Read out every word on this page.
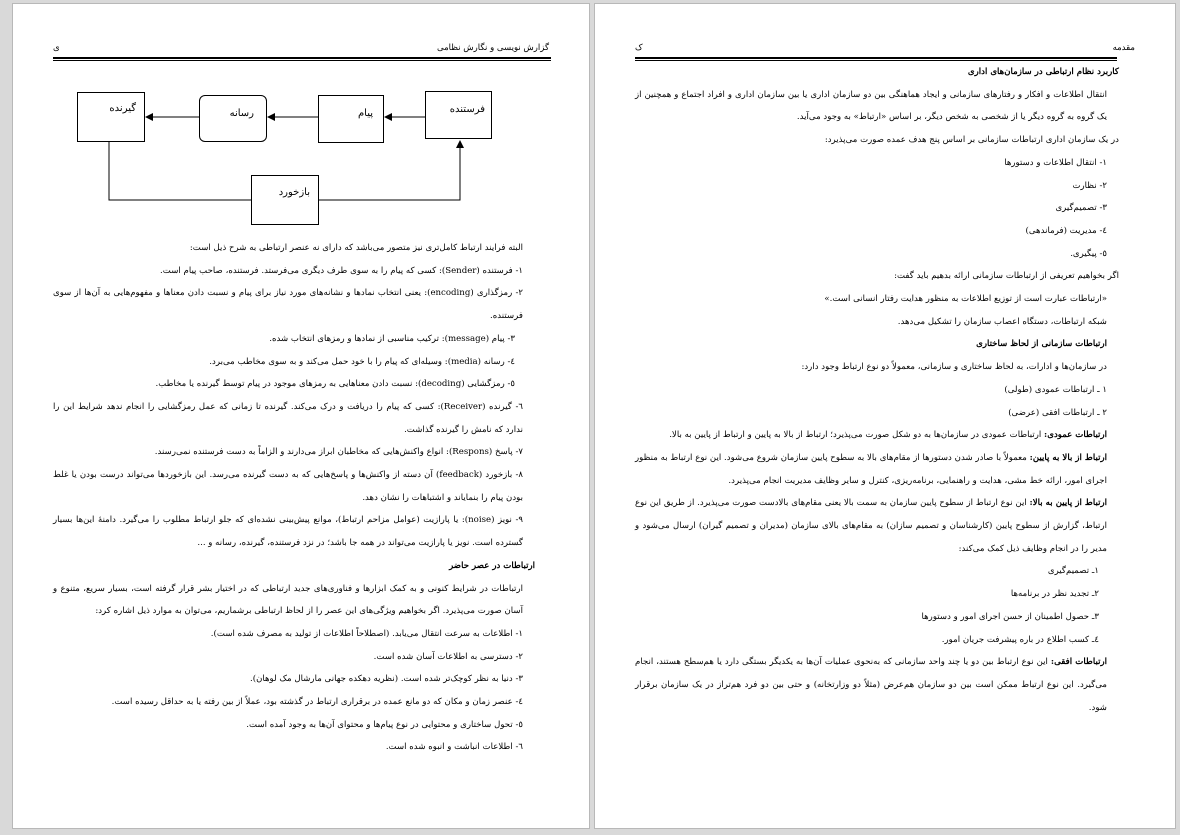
گزارش نویسی و نگارش نظامی
ی
گیرنده	رسانه	پیام	فرستنده
بازخورد

البته فرایند ارتباط کامل‌تری نیز متصور می‌باشد که دارای نه عنصر ارتباطی به شرح ذیل است:

۱- فرستنده (Sender): کسی که پیام را به سوی طرف دیگری می‌فرستد. فرستنده، صاحب پیام است.

۲- رمزگذاری (encoding): یعنی انتخاب نمادها و نشانه‌های مورد نیاز برای پیام و نسبت دادن معناها و مفهوم‌هایی به آن‌ها از سوی فرستنده.

۳- پیام (message): ترکیب مناسبی از نمادها و رمزهای انتخاب شده.

٤- رسانه (media): وسیله‌ای که پیام را با خود حمل می‌کند و به سوی مخاطب می‌برد.

٥- رمزگشایی (decoding): نسبت دادن معناهایی به رمزهای موجود در پیام توسط گیرنده یا مخاطب.

٦- گیرنده (Receiver): کسی که پیام را دریافت و درک می‌کند. گیرنده تا زمانی که عمل رمزگشایی را انجام ندهد شرایط این را ندارد که نامش را گیرنده گذاشت.

۷- پاسخ (Respons): انواع واکنش‌هایی که مخاطبان ابراز می‌دارند و الزاماً به دست فرستنده نمی‌رسند.

۸- بازخورد (feedback) آن دسته از واکنش‌ها و پاسخ‌هایی که به دست گیرنده می‌رسد. این بازخوردها می‌تواند درست بودن یا غلط بودن پیام را بنمایاند و اشتباهات را نشان دهد.

۹- نویز (noise): یا پارازیت (عوامل مزاحم ارتباط)، موانع پیش‌بینی نشده‌ای که جلو ارتباط مطلوب را می‌گیرد. دامنهٔ این‌ها بسیار گسترده است. نویز یا پارازیت می‌تواند در همه جا باشد؛ در نزد فرستنده، گیرنده، رسانه و ...

ارتباطات در عصر حاضر

ارتباطات در شرایط کنونی و به کمک ابزارها و فناوری‌های جدید ارتباطی که در اختیار بشر قرار گرفته است، بسیار سریع، متنوع و آسان صورت می‌پذیرد. اگر بخواهیم ویژگی‌های این عصر را از لحاظ ارتباطی برشماریم، می‌توان به موارد ذیل اشاره کرد:

۱- اطلاعات به سرعت انتقال می‌یابد. (اصطلاحاً اطلاعات از تولید به مصرف شده است).

۲- دسترسی به اطلاعات آسان شده است.

۳- دنیا به نظر کوچک‌تر شده است. (نظریه دهکده جهانی مارشال مک لوهان).

٤- عنصر زمان و مکان که دو مانع عمده در برقراری ارتباط در گذشته بود، عملاً از بین رفته یا به حداقل رسیده است.

٥- تحول ساختاری و محتوایی در نوع پیام‌ها و محتوای آن‌ها به وجود آمده است.

٦- اطلاعات انباشت و انبوه شده است.

مقدمه
ک

کاربرد نظام ارتباطی در سازمان‌های اداری

انتقال اطلاعات و افکار و رفتارهای سازمانی و ایجاد هماهنگی بین دو سازمان اداری یا بین سازمان اداری و افراد اجتماع و همچنین از یک گروه به گروه دیگر یا از شخصی به شخص دیگر، بر اساس «ارتباط» به وجود می‌آید.

در یک سازمان اداری ارتباطات سازمانی بر اساس پنج هدف عمده صورت می‌پذیرد:

۱- انتقال اطلاعات و دستورها

۲- نظارت

۳- تصمیم‌گیری

٤- مدیریت (فرماندهی)

٥- پیگیری.

اگر بخواهیم تعریفی از ارتباطات سازمانی ارائه بدهیم باید گفت:

«ارتباطات عبارت است از توزیع اطلاعات به منظور هدایت رفتار انسانی است.»

شبکه ارتباطات، دستگاه اعصاب سازمان را تشکیل می‌دهد.

ارتباطات سازمانی از لحاظ ساختاری

در سازمان‌ها و ادارات، به لحاظ ساختاری و سازمانی، معمولاً دو نوع ارتباط وجود دارد:

۱ ـ ارتباطات عمودی (طولی)

۲ ـ ارتباطات افقی (عرضی)

ارتباطات عمودی: ارتباطات عمودی در سازمان‌ها به دو شکل صورت می‌پذیرد؛ ارتباط از بالا به پایین و ارتباط از پایین به بالا.

ارتباط از بالا به پایین: معمولاً با صادر شدن دستورها از مقام‌های بالا به سطوح پایین سازمان شروع می‌شود. این نوع ارتباط به منظور اجرای امور، ارائه خط مشی، هدایت و راهنمایی، برنامه‌ریزی، کنترل و سایر وظایف مدیریت انجام می‌پذیرد.

ارتباط از پایین به بالا: این نوع ارتباط از سطوح پایین سازمان به سمت بالا یعنی مقام‌های بالادست صورت می‌پذیرد. از طریق این نوع ارتباط، گزارش از سطوح پایین (کارشناسان و تصمیم سازان) به مقام‌های بالای سازمان (مدیران و تصمیم گیران) ارسال می‌شود و مدیر را در انجام وظایف ذیل کمک می‌کند:

۱ـ تصمیم‌گیری

۲ـ تجدید نظر در برنامه‌ها

۳ـ حصول اطمینان از حسن اجرای امور و دستورها

٤ـ کسب اطلاع در باره پیشرفت جریان امور.

ارتباطات افقی: این نوع ارتباط بین دو یا چند واحد سازمانی که به‌نحوی عملیات آن‌ها به یکدیگر بستگی دارد یا هم‌سطح هستند، انجام می‌گیرد. این نوع ارتباط ممکن است بین دو سازمان هم‌عرض (مثلاً دو وزارتخانه) و حتی بین دو فرد هم‌تراز در یک سازمان برقرار شود.
